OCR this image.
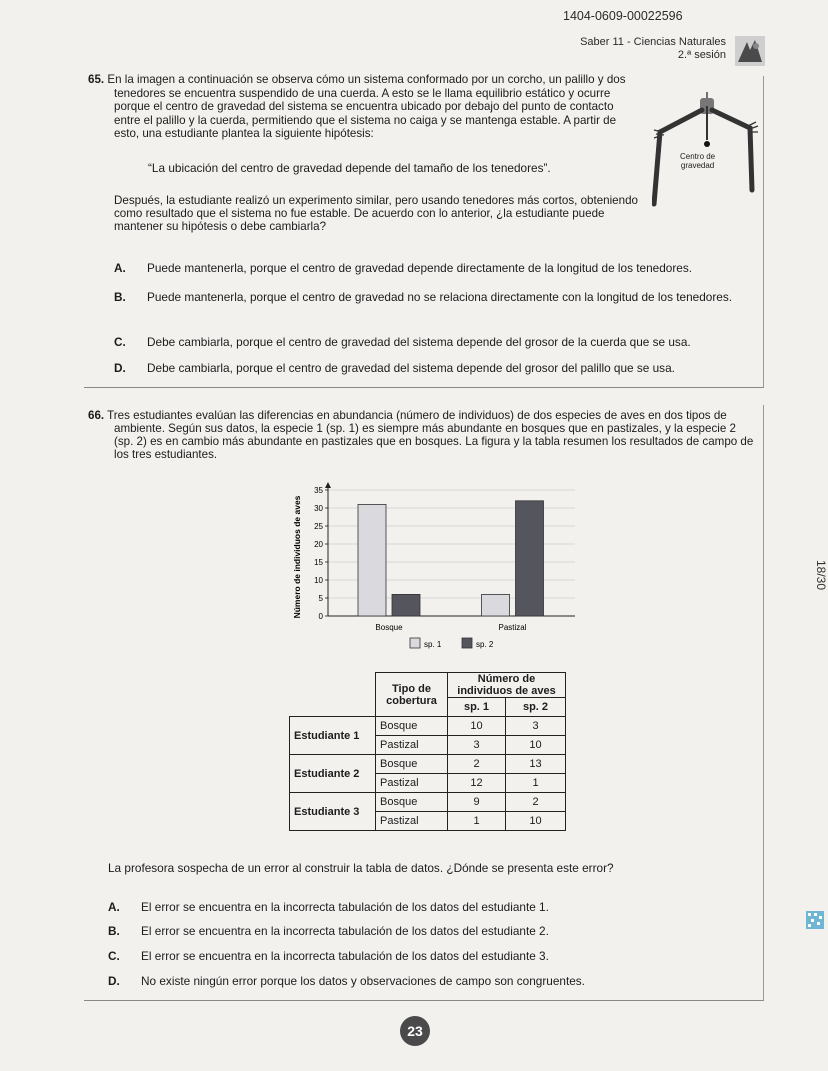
1404-0609-00022596
Saber 11 - Ciencias Naturales
2.ª sesión
65. En la imagen a continuación se observa cómo un sistema conformado por un corcho, un palillo y dos tenedores se encuentra suspendido de una cuerda. A esto se le llama equilibrio estático y ocurre porque el centro de gravedad del sistema se encuentra ubicado por debajo del punto de contacto entre el palillo y la cuerda, permitiendo que el sistema no caiga y se mantenga estable. A partir de esto, una estudiante plantea la siguiente hipótesis:
“La ubicación del centro de gravedad depende del tamaño de los tenedores”.
Después, la estudiante realizó un experimento similar, pero usando tenedores más cortos, obteniendo como resultado que el sistema no fue estable. De acuerdo con lo anterior, ¿la estudiante puede mantener su hipótesis o debe cambiarla?
Centro de
gravedad
A. Puede mantenerla, porque el centro de gravedad depende directamente de la longitud de los tenedores.
B. Puede mantenerla, porque el centro de gravedad no se relaciona directamente con la longitud de los tenedores.
C. Debe cambiarla, porque el centro de gravedad del sistema depende del grosor de la cuerda que se usa.
D. Debe cambiarla, porque el centro de gravedad del sistema depende del grosor del palillo que se usa.
66. Tres estudiantes evalúan las diferencias en abundancia (número de individuos) de dos especies de aves en dos tipos de ambiente. Según sus datos, la especie 1 (sp. 1) es siempre más abundante en bosques que en pastizales, y la especie 2 (sp. 2) es en cambio más abundante en pastizales que en bosques. La figura y la tabla resumen los resultados de campo de los tres estudiantes.
Número de individuos de aves 0
5
10
15
20
25
30
35
Bosque	Pastizal
sp. 1	sp. 2
	Tipo de cobertura	Número de individuos de aves	
		sp. 1	sp. 2
Estudiante 1	Bosque	10	3
	Pastizal	3	10
Estudiante 2	Bosque	2	13
	Pastizal	12	1
Estudiante 3	Bosque	9	2
	Pastizal	1	10
La profesora sospecha de un error al construir la tabla de datos. ¿Dónde se presenta este error?
A. El error se encuentra en la incorrecta tabulación de los datos del estudiante 1.
B. El error se encuentra en la incorrecta tabulación de los datos del estudiante 2.
C. El error se encuentra en la incorrecta tabulación de los datos del estudiante 3.
D. No existe ningún error porque los datos y observaciones de campo son congruentes.
18/30
23
